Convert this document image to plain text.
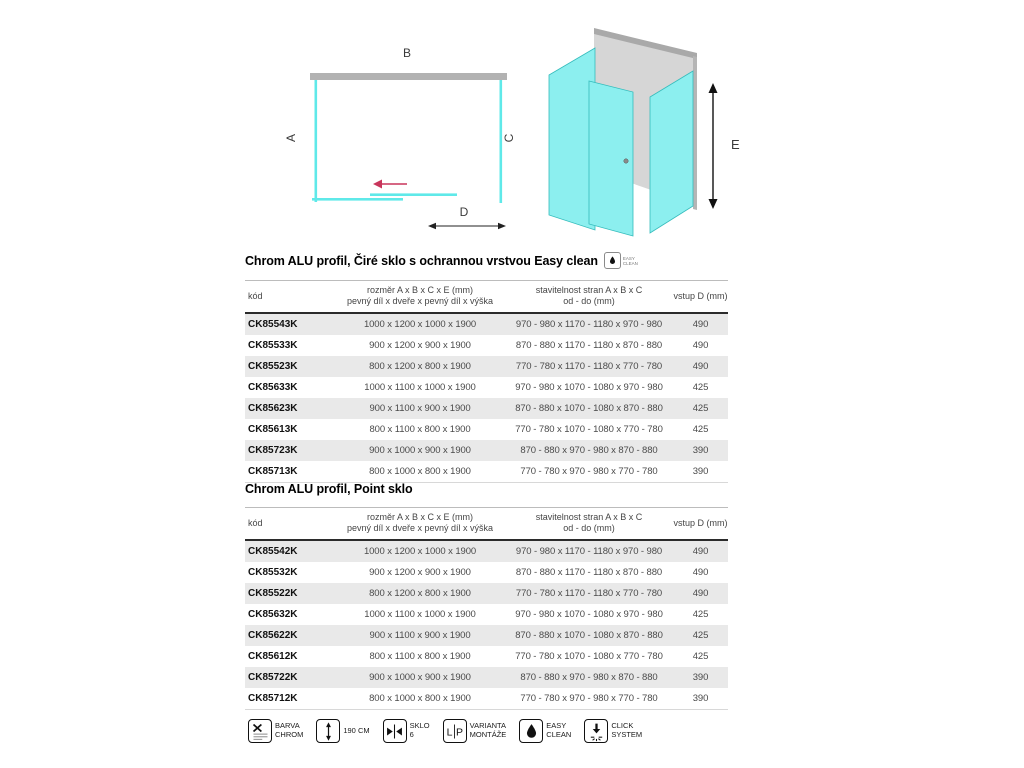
B
A	C
D
E
Chrom ALU profil, Čiré sklo s ochrannou vrstvou Easy clean	EASY
CLEAN
kód
rozměr A x B x C x E (mm)
pevný díl x dveře x pevný díl x výška
stavitelnost stran A x B x C
od - do (mm)
vstup D (mm)
CK85543K	1000 x 1200 x 1000 x 1900	970 - 980 x 1170 - 1180 x 970 - 980	490
CK85533K	900 x 1200 x 900 x 1900	870 - 880 x 1170 - 1180 x 870 - 880	490
CK85523K	800 x 1200 x 800 x 1900	770 - 780 x 1170 - 1180 x 770 - 780	490
CK85633K	1000 x 1100 x 1000 x 1900	970 - 980 x 1070 - 1080 x 970 - 980	425
CK85623K	900 x 1100 x 900 x 1900	870 - 880 x 1070 - 1080 x 870 - 880	425
CK85613K	800 x 1100 x 800 x 1900	770 - 780 x 1070 - 1080 x 770 - 780	425
CK85723K	900 x 1000 x 900 x 1900	870 - 880 x 970 - 980 x 870 - 880	390
CK85713K	800 x 1000 x 800 x 1900	770 - 780 x 970 - 980 x 770 - 780	390
Chrom ALU profil, Point sklo
kód
rozměr A x B x C x E (mm)
pevný díl x dveře x pevný díl x výška
stavitelnost stran A x B x C
od - do (mm)
vstup D (mm)
CK85542K	1000 x 1200 x 1000 x 1900	970 - 980 x 1170 - 1180 x 970 - 980	490
CK85532K	900 x 1200 x 900 x 1900	870 - 880 x 1170 - 1180 x 870 - 880	490
CK85522K	800 x 1200 x 800 x 1900	770 - 780 x 1170 - 1180 x 770 - 780	490
CK85632K	1000 x 1100 x 1000 x 1900	970 - 980 x 1070 - 1080 x 970 - 980	425
CK85622K	900 x 1100 x 900 x 1900	870 - 880 x 1070 - 1080 x 870 - 880	425
CK85612K	800 x 1100 x 800 x 1900	770 - 780 x 1070 - 1080 x 770 - 780	425
CK85722K	900 x 1000 x 900 x 1900	870 - 880 x 970 - 980 x 870 - 880	390
CK85712K	800 x 1000 x 800 x 1900	770 - 780 x 970 - 980 x 770 - 780	390
BARVA
CHROM	190 CM
SKLO
6	L P
VARIANTA
MONTÁŽE
EASY
CLEAN
CLICK
SYSTEM
